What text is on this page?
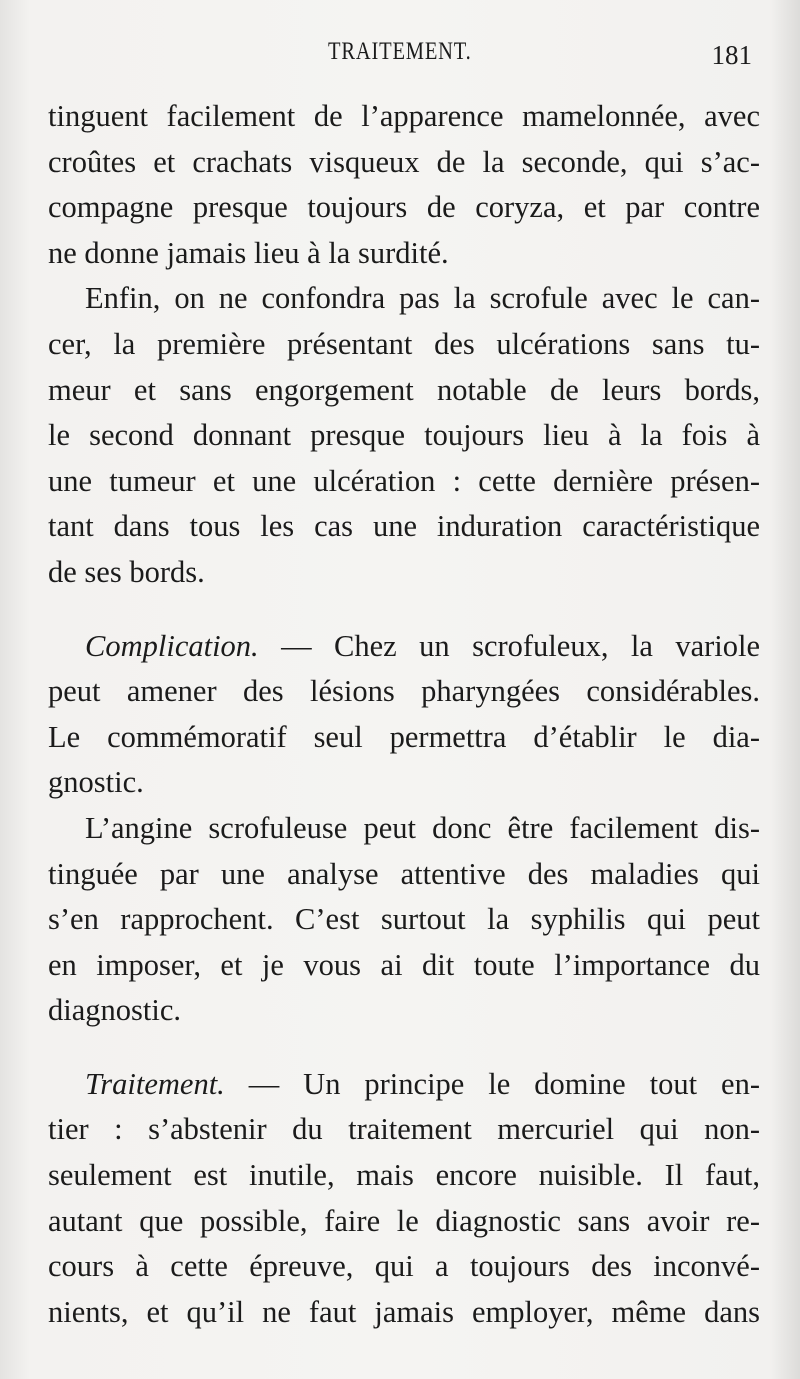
TRAITEMENT.	181
tinguent facilement de l’apparence mamelonnée, avec
croûtes et crachats visqueux de la seconde, qui s’ac-
compagne presque toujours de coryza, et par contre
ne donne jamais lieu à la surdité.
Enfin, on ne confondra pas la scrofule avec le can-
cer, la première présentant des ulcérations sans tu-
meur et sans engorgement notable de leurs bords,
le second donnant presque toujours lieu à la fois à
une tumeur et une ulcération : cette dernière présen-
tant dans tous les cas une induration caractéristique
de ses bords.
Complication. — Chez un scrofuleux, la variole
peut amener des lésions pharyngées considérables.
Le commémoratif seul permettra d’établir le dia-
gnostic.
L’angine scrofuleuse peut donc être facilement dis-
tinguée par une analyse attentive des maladies qui
s’en rapprochent. C’est surtout la syphilis qui peut
en imposer, et je vous ai dit toute l’importance du
diagnostic.
Traitement. — Un principe le domine tout en-
tier : s’abstenir du traitement mercuriel qui non-
seulement est inutile, mais encore nuisible. Il faut,
autant que possible, faire le diagnostic sans avoir re-
cours à cette épreuve, qui a toujours des inconvé-
nients, et qu’il ne faut jamais employer, même dans
